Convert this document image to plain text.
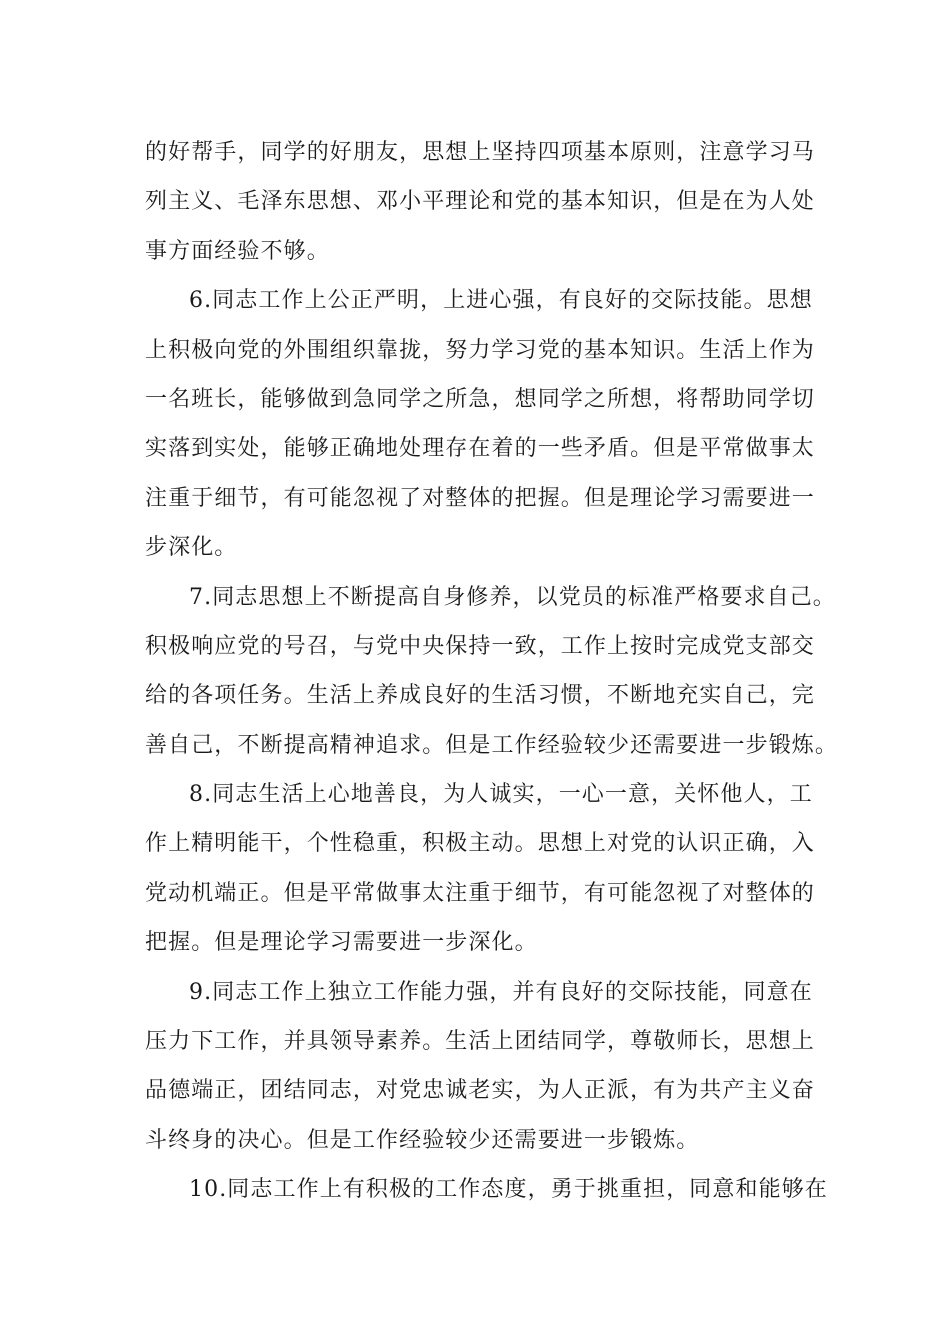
的好帮手，同学的好朋友，思想上坚持四项基本原则，注意学习马
列主义、毛泽东思想、邓小平理论和党的基本知识，但是在为人处
事方面经验不够。

6.同志工作上公正严明，上进心强，有良好的交际技能。思想
上积极向党的外围组织靠拢，努力学习党的基本知识。生活上作为
一名班长，能够做到急同学之所急，想同学之所想，将帮助同学切
实落到实处，能够正确地处理存在着的一些矛盾。但是平常做事太
注重于细节，有可能忽视了对整体的把握。但是理论学习需要进一
步深化。

7.同志思想上不断提高自身修养，以党员的标准严格要求自己。
积极响应党的号召，与党中央保持一致，工作上按时完成党支部交
给的各项任务。生活上养成良好的生活习惯，不断地充实自己，完
善自己，不断提高精神追求。但是工作经验较少还需要进一步锻炼。

8.同志生活上心地善良，为人诚实，一心一意，关怀他人，工
作上精明能干，个性稳重，积极主动。思想上对党的认识正确，入
党动机端正。但是平常做事太注重于细节，有可能忽视了对整体的
把握。但是理论学习需要进一步深化。

9.同志工作上独立工作能力强，并有良好的交际技能，同意在
压力下工作，并具领导素养。生活上团结同学，尊敬师长，思想上
品德端正，团结同志，对党忠诚老实，为人正派，有为共产主义奋
斗终身的决心。但是工作经验较少还需要进一步锻炼。

10.同志工作上有积极的工作态度，勇于挑重担，同意和能够在
